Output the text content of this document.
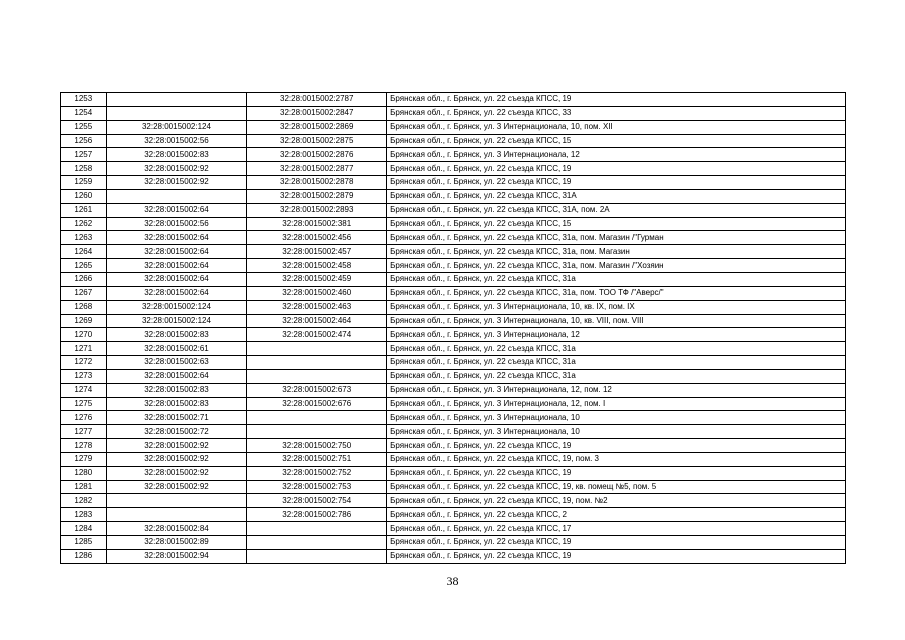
1253		32:28:0015002:2787	Брянская обл., г. Брянск, ул. 22 съезда КПСС, 19
1254		32:28:0015002:2847	Брянская обл., г. Брянск, ул. 22 съезда КПСС, 33
1255	32:28:0015002:124	32:28:0015002:2869	Брянская обл., г. Брянск, ул. 3 Интернационала, 10, пом. XII
1256	32:28:0015002:56	32:28:0015002:2875	Брянская обл., г. Брянск, ул. 22 съезда КПСС, 15
1257	32:28:0015002:83	32:28:0015002:2876	Брянская обл., г. Брянск, ул. 3 Интернационала, 12
1258	32:28:0015002:92	32:28:0015002:2877	Брянская обл., г. Брянск, ул. 22 съезда КПСС, 19
1259	32:28:0015002:92	32:28:0015002:2878	Брянская обл., г. Брянск, ул. 22 съезда КПСС, 19
1260		32:28:0015002:2879	Брянская обл., г. Брянск, ул. 22 съезда КПСС, 31А
1261	32:28:0015002:64	32:28:0015002:2893	Брянская обл., г. Брянск, ул. 22 съезда КПСС, 31А, пом. 2А
1262	32:28:0015002:56	32:28:0015002:381	Брянская обл., г. Брянск, ул. 22 съезда КПСС, 15
1263	32:28:0015002:64	32:28:0015002:456	Брянская обл., г. Брянск, ул. 22 съезда КПСС, 31а, пом. Магазин /"Гурман
1264	32:28:0015002:64	32:28:0015002:457	Брянская обл., г. Брянск, ул. 22 съезда КПСС, 31а, пом. Магазин
1265	32:28:0015002:64	32:28:0015002:458	Брянская обл., г. Брянск, ул. 22 съезда КПСС, 31а, пом. Магазин /"Хозяин
1266	32:28:0015002:64	32:28:0015002:459	Брянская обл., г. Брянск, ул. 22 съезда КПСС, 31а
1267	32:28:0015002:64	32:28:0015002:460	Брянская обл., г. Брянск, ул. 22 съезда КПСС, 31а, пом. ТОО ТФ /"Аверс/"
1268	32:28:0015002:124	32:28:0015002:463	Брянская обл., г. Брянск, ул. 3 Интернационала, 10, кв. IX, пом. IX
1269	32:28:0015002:124	32:28:0015002:464	Брянская обл., г. Брянск, ул. 3 Интернационала, 10, кв. VIII, пом. VIII
1270	32:28:0015002:83	32:28:0015002:474	Брянская обл., г. Брянск, ул. 3 Интернационала, 12
1271	32:28:0015002:61		Брянская обл., г. Брянск, ул. 22 съезда КПСС, 31а
1272	32:28:0015002:63		Брянская обл., г. Брянск, ул. 22 съезда КПСС, 31а
1273	32:28:0015002:64		Брянская обл., г. Брянск, ул. 22 съезда КПСС, 31а
1274	32:28:0015002:83	32:28:0015002:673	Брянская обл., г. Брянск, ул. 3 Интернационала, 12, пом. 12
1275	32:28:0015002:83	32:28:0015002:676	Брянская обл., г. Брянск, ул. 3 Интернационала, 12, пом. I
1276	32:28:0015002:71		Брянская обл., г. Брянск, ул. 3 Интернационала, 10
1277	32:28:0015002:72		Брянская обл., г. Брянск, ул. 3 Интернационала, 10
1278	32:28:0015002:92	32:28:0015002:750	Брянская обл., г. Брянск, ул. 22 съезда КПСС, 19
1279	32:28:0015002:92	32:28:0015002:751	Брянская обл., г. Брянск, ул. 22 съезда КПСС, 19, пом. 3
1280	32:28:0015002:92	32:28:0015002:752	Брянская обл., г. Брянск, ул. 22 съезда КПСС, 19
1281	32:28:0015002:92	32:28:0015002:753	Брянская обл., г. Брянск, ул. 22 съезда КПСС, 19, кв. помещ №5, пом. 5
1282		32:28:0015002:754	Брянская обл., г. Брянск, ул. 22 съезда КПСС, 19, пом. №2
1283		32:28:0015002:786	Брянская обл., г. Брянск, ул. 22 съезда КПСС, 2
1284	32:28:0015002:84		Брянская обл., г. Брянск, ул. 22 съезда КПСС, 17
1285	32:28:0015002:89		Брянская обл., г. Брянск, ул. 22 съезда КПСС, 19
1286	32:28:0015002:94		Брянская обл., г. Брянск, ул. 22 съезда КПСС, 19
38
